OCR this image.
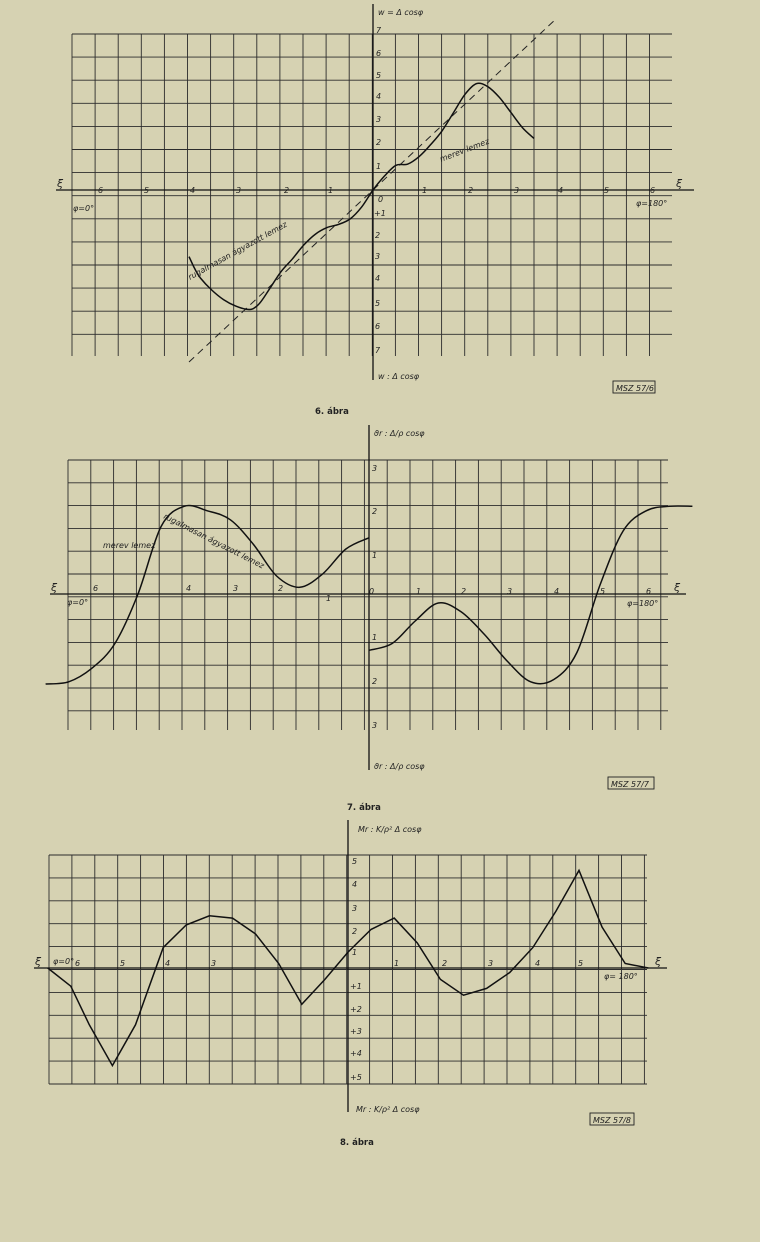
6	5	4	3	2	1	1	2	3	4	5	6
7
6
5
4
3
2
1
+1
2
3
4
5
6
7
w = Δ cosφ
w : Δ cosφ
ξ	ξ
φ=0°
φ=180°
0
rugalmasan ágyazott lemez
merev lemez
MSZ 57/6
6. ábra
6	4	3	2
1
0	1	2	3	4	5	6
3
2
1
1
2
3
ϑr : Δ/ρ cosφ
ϑr : Δ/ρ cosφ
ξ	ξ
φ=0°	φ=180°
merev lemez rugalmasan ágyazott lemez
MSZ 57/7
7. ábra
6	5	4	3	1	2	3	4	5
5
4
3
2
1
+1
+2
+3
+4
+5
Mr : K/ρ² Δ cosφ
Mr : K/ρ² Δ cosφ
ξ	ξ
φ=0°
φ= 180°
MSZ 57/8
8. ábra
